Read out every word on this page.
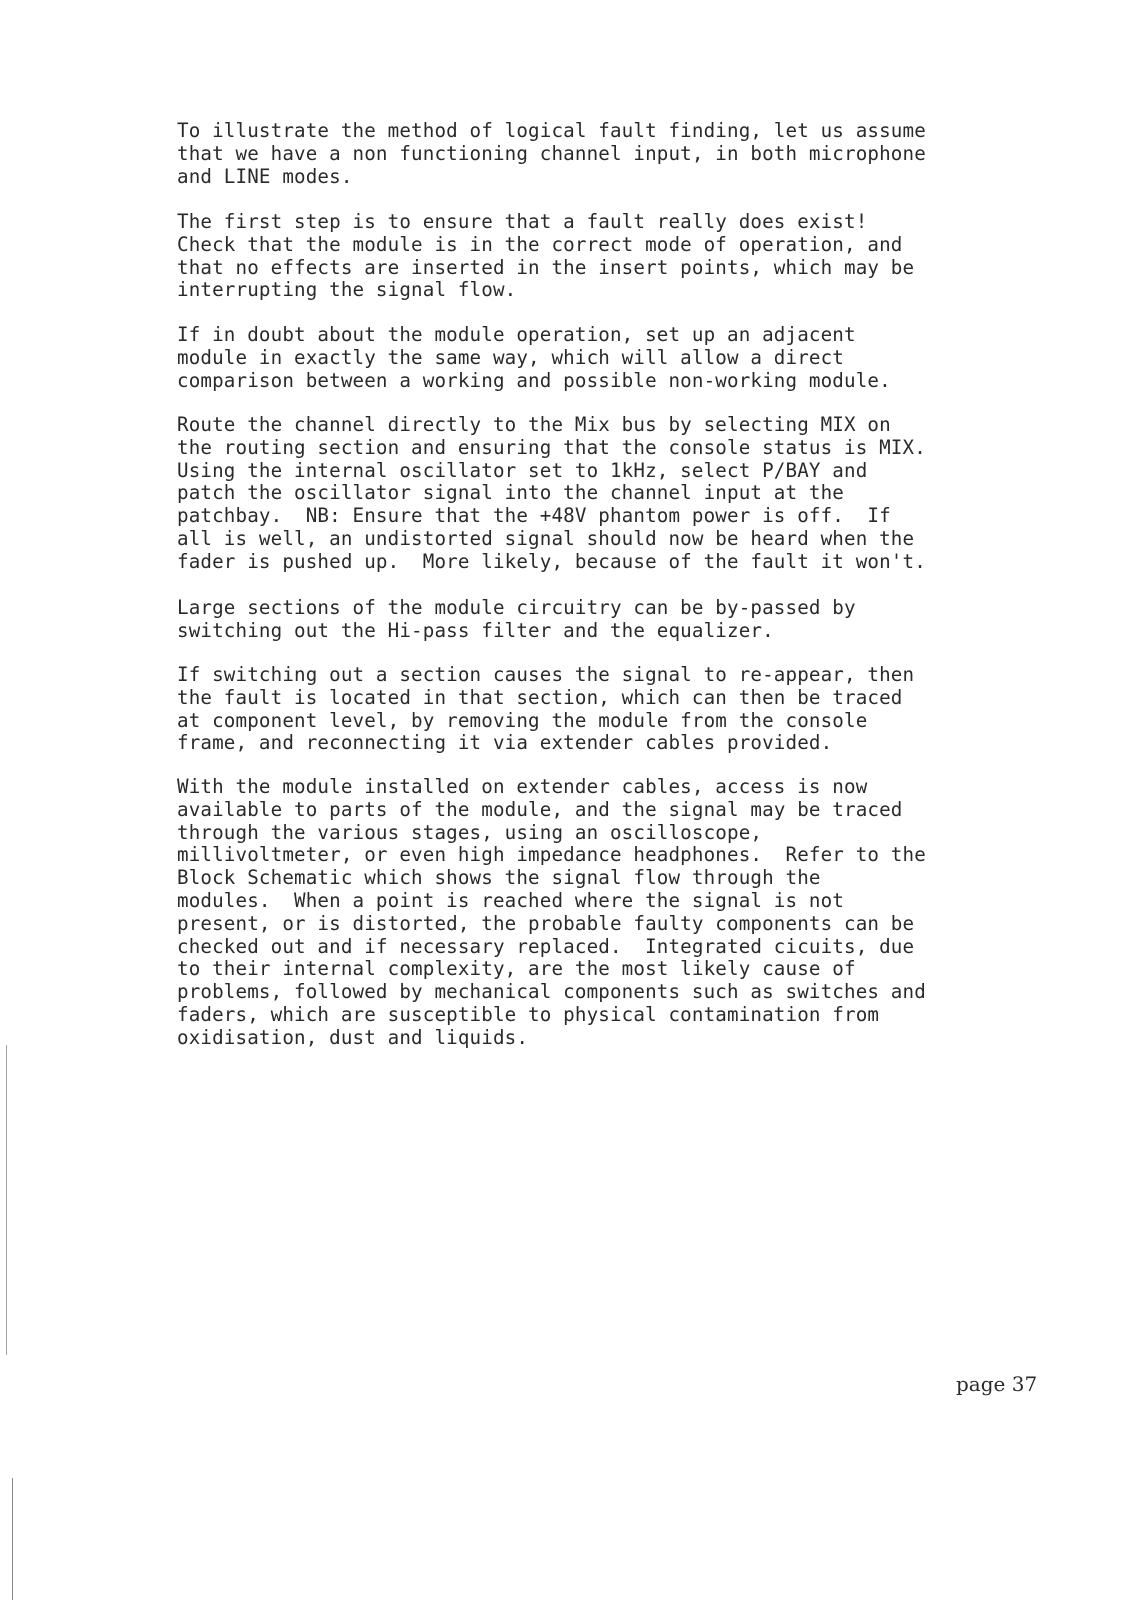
To illustrate the method of logical fault finding, let us assume

that we have a non functioning channel input, in both microphone

and LINE modes.

The first step is to ensure that a fault really does exist!

Check that the module is in the correct mode of operation, and

that no effects are inserted in the insert points, which may be

interrupting the signal flow.

If in doubt about the module operation, set up an adjacent

module in exactly the same way, which will allow a direct

comparison between a working and possible non-working module.

Route the channel directly to the Mix bus by selecting MIX on

the routing section and ensuring that the console status is MIX.

Using the internal oscillator set to 1kHz, select P/BAY and

patch the oscillator signal into the channel input at the

patchbay.  NB: Ensure that the +48V phantom power is off.  If

all is well, an undistorted signal should now be heard when the

fader is pushed up.  More likely, because of the fault it won't.

Large sections of the module circuitry can be by-passed by

switching out the Hi-pass filter and the equalizer.

If switching out a section causes the signal to re-appear, then

the fault is located in that section, which can then be traced

at component level, by removing the module from the console

frame, and reconnecting it via extender cables provided.

With the module installed on extender cables, access is now

available to parts of the module, and the signal may be traced

through the various stages, using an oscilloscope,

millivoltmeter, or even high impedance headphones.  Refer to the

Block Schematic which shows the signal flow through the

modules.  When a point is reached where the signal is not

present, or is distorted, the probable faulty components can be

checked out and if necessary replaced.  Integrated cicuits, due

to their internal complexity, are the most likely cause of

problems, followed by mechanical components such as switches and

faders, which are susceptible to physical contamination from

oxidisation, dust and liquids.

page 37
